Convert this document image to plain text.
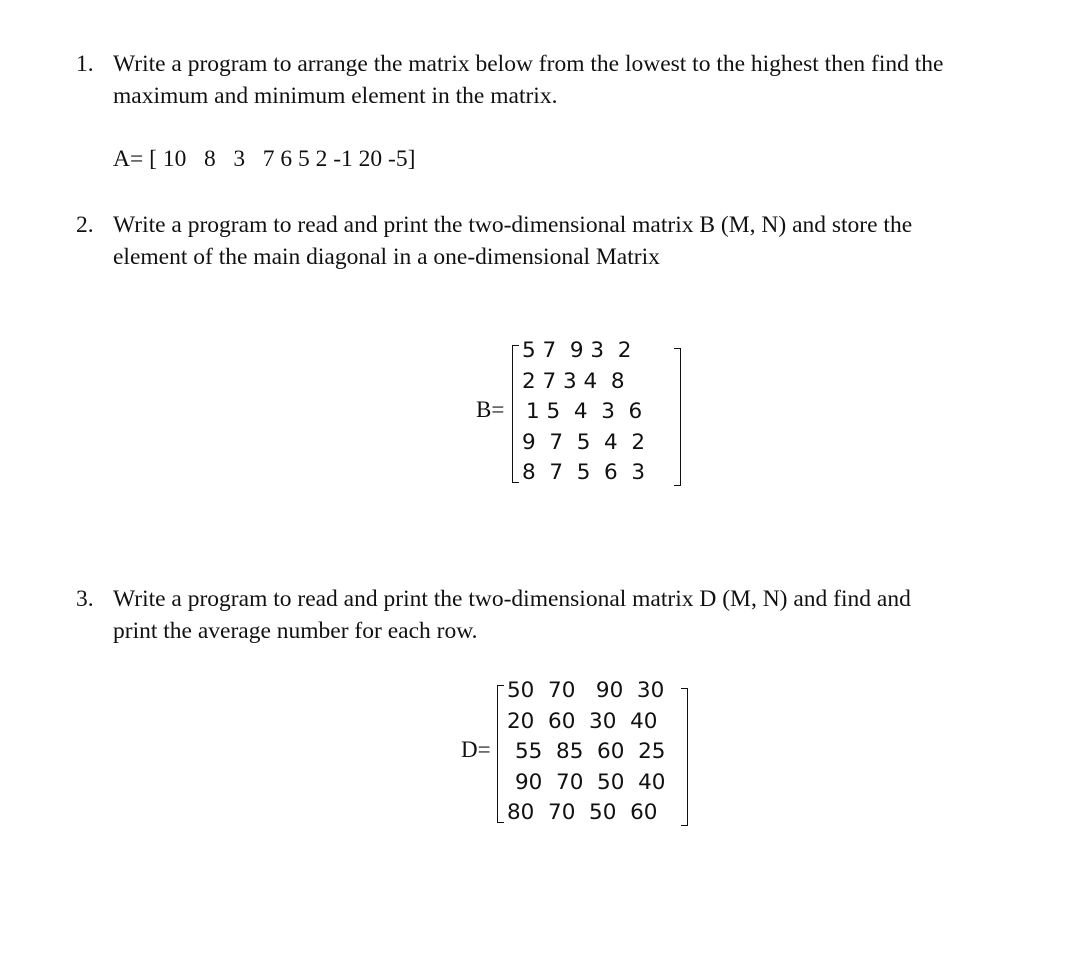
1. Write a program to arrange the matrix below from the lowest to the highest then find the
maximum and minimum element in the matrix.
A= [ 10 8 3 7 6 5 2 -1 20 -5]
2. Write a program to read and print the two-dimensional matrix B (M, N) and store the
element of the main diagonal in a one-dimensional Matrix
B=
5 7  9 3  2
2 7 3 4  8
1 5  4  3  6
9  7  5  4  2
8  7  5  6  3
3. Write a program to read and print the two-dimensional matrix D (M, N) and find and
print the average number for each row.
D=
50  70   90  30
20  60  30  40
55  85  60  25
90  70  50  40
80  70  50  60
